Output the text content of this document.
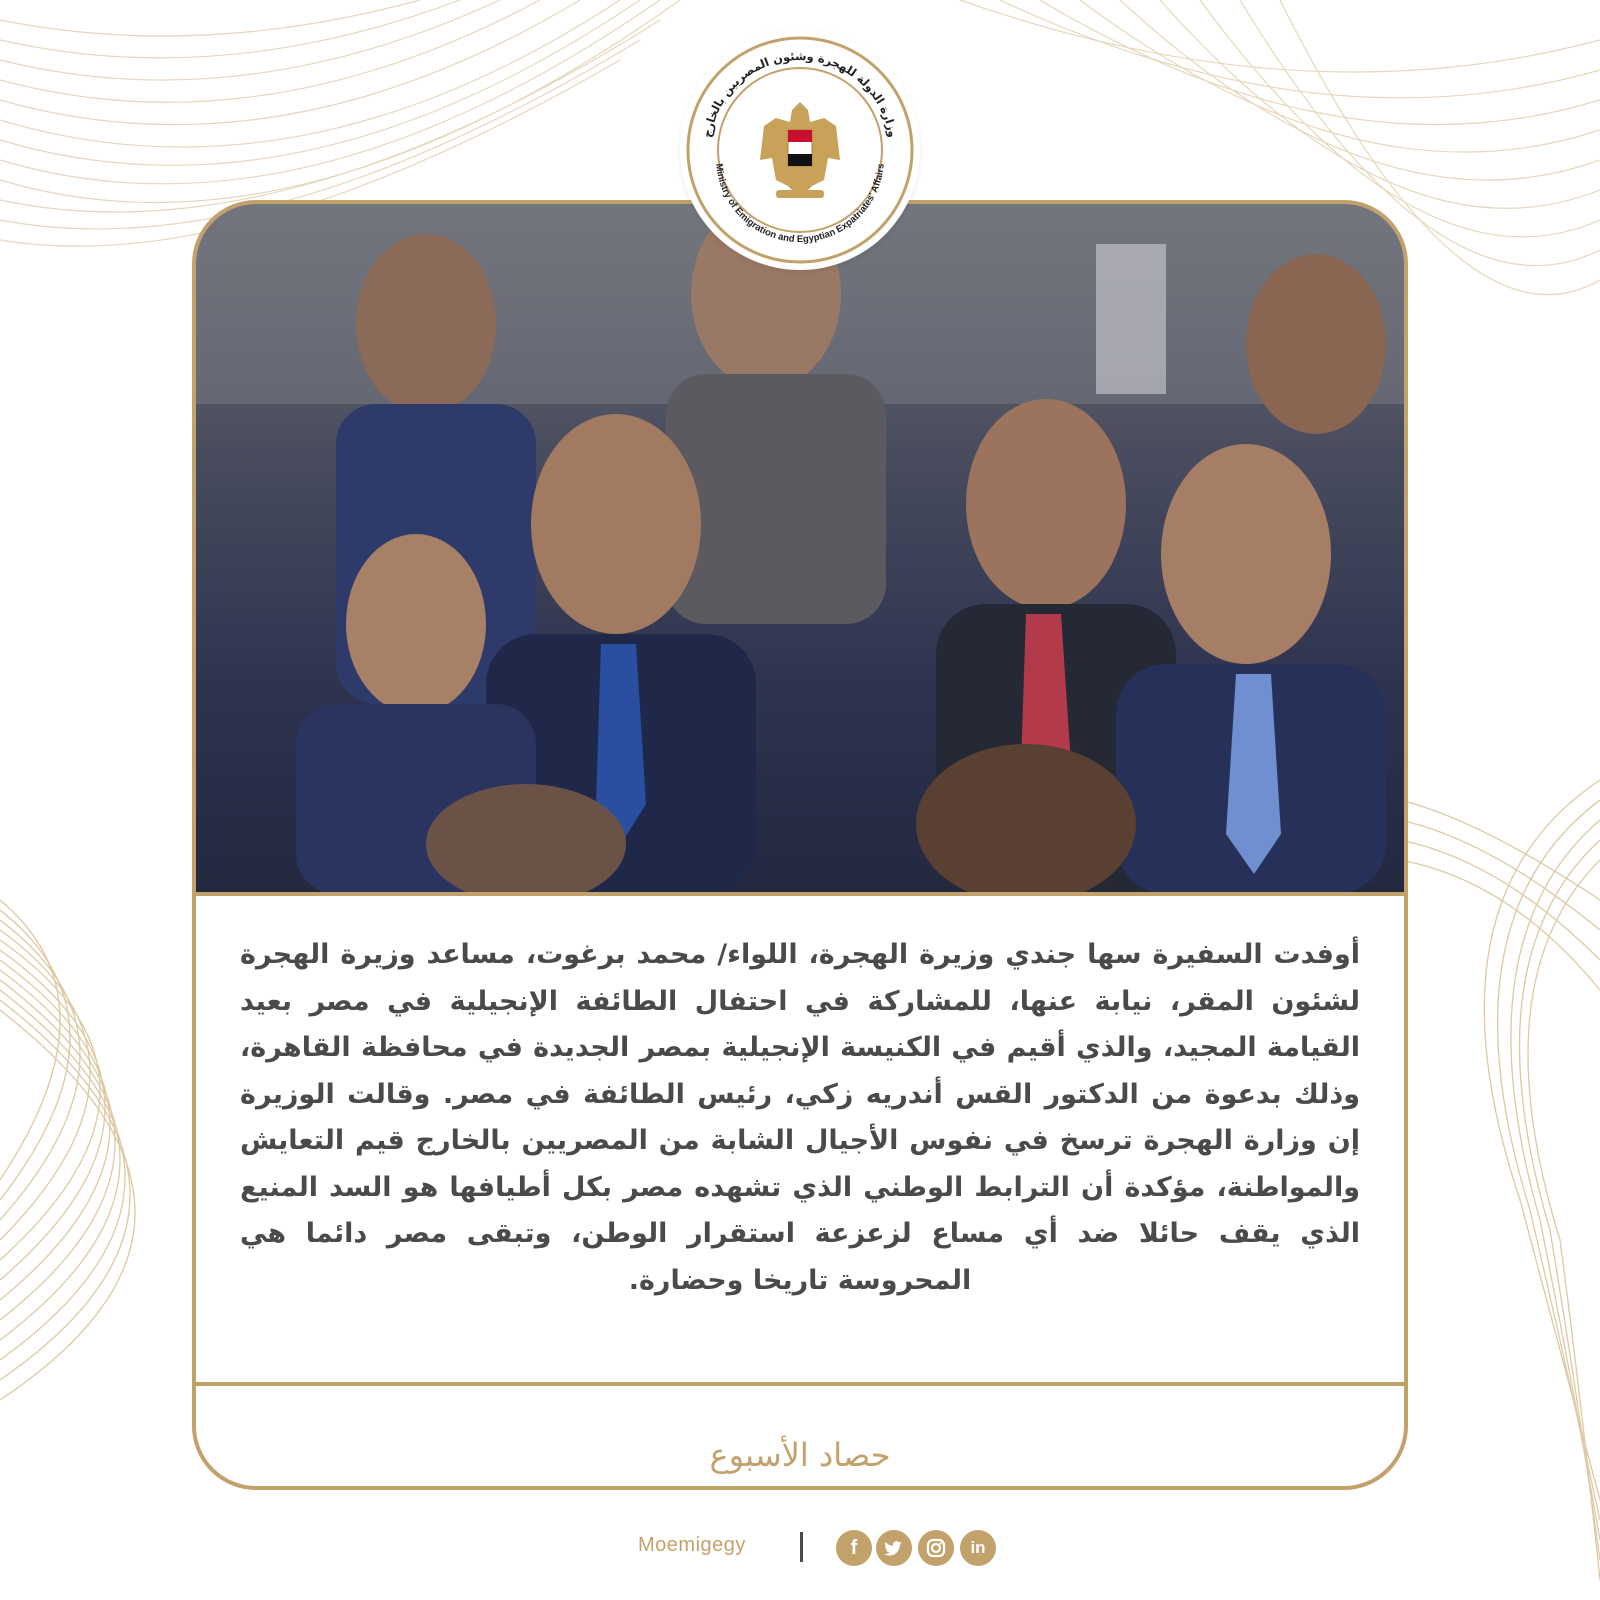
أوفدت السفيرة سها جندي وزيرة الهجرة، اللواء/ محمد برغوت، مساعد وزيرة الهجرة لشئون المقر، نيابة عنها، للمشاركة في احتفال الطائفة الإنجيلية في مصر بعيد القيامة المجيد، والذي أقيم في الكنيسة الإنجيلية بمصر الجديدة في محافظة القاهرة، وذلك بدعوة من الدكتور القس أندريه زكي، رئيس الطائفة في مصر. وقالت الوزيرة إن وزارة الهجرة ترسخ في نفوس الأجيال الشابة من المصريين بالخارج قيم التعايش والمواطنة، مؤكدة أن الترابط الوطني الذي تشهده مصر بكل أطيافها هو السد المنيع الذي يقف حائلا ضد أي مساع لزعزعة استقرار الوطن، وتبقى مصر دائما هي المحروسة تاريخا وحضارة.
حصاد الأسبوع
وزارة الدولة للهجرة وشئون المصريين بالخارج
Ministry of Emigration and Egyptian Expatriates' Affairs
Moemigegy	f	in
